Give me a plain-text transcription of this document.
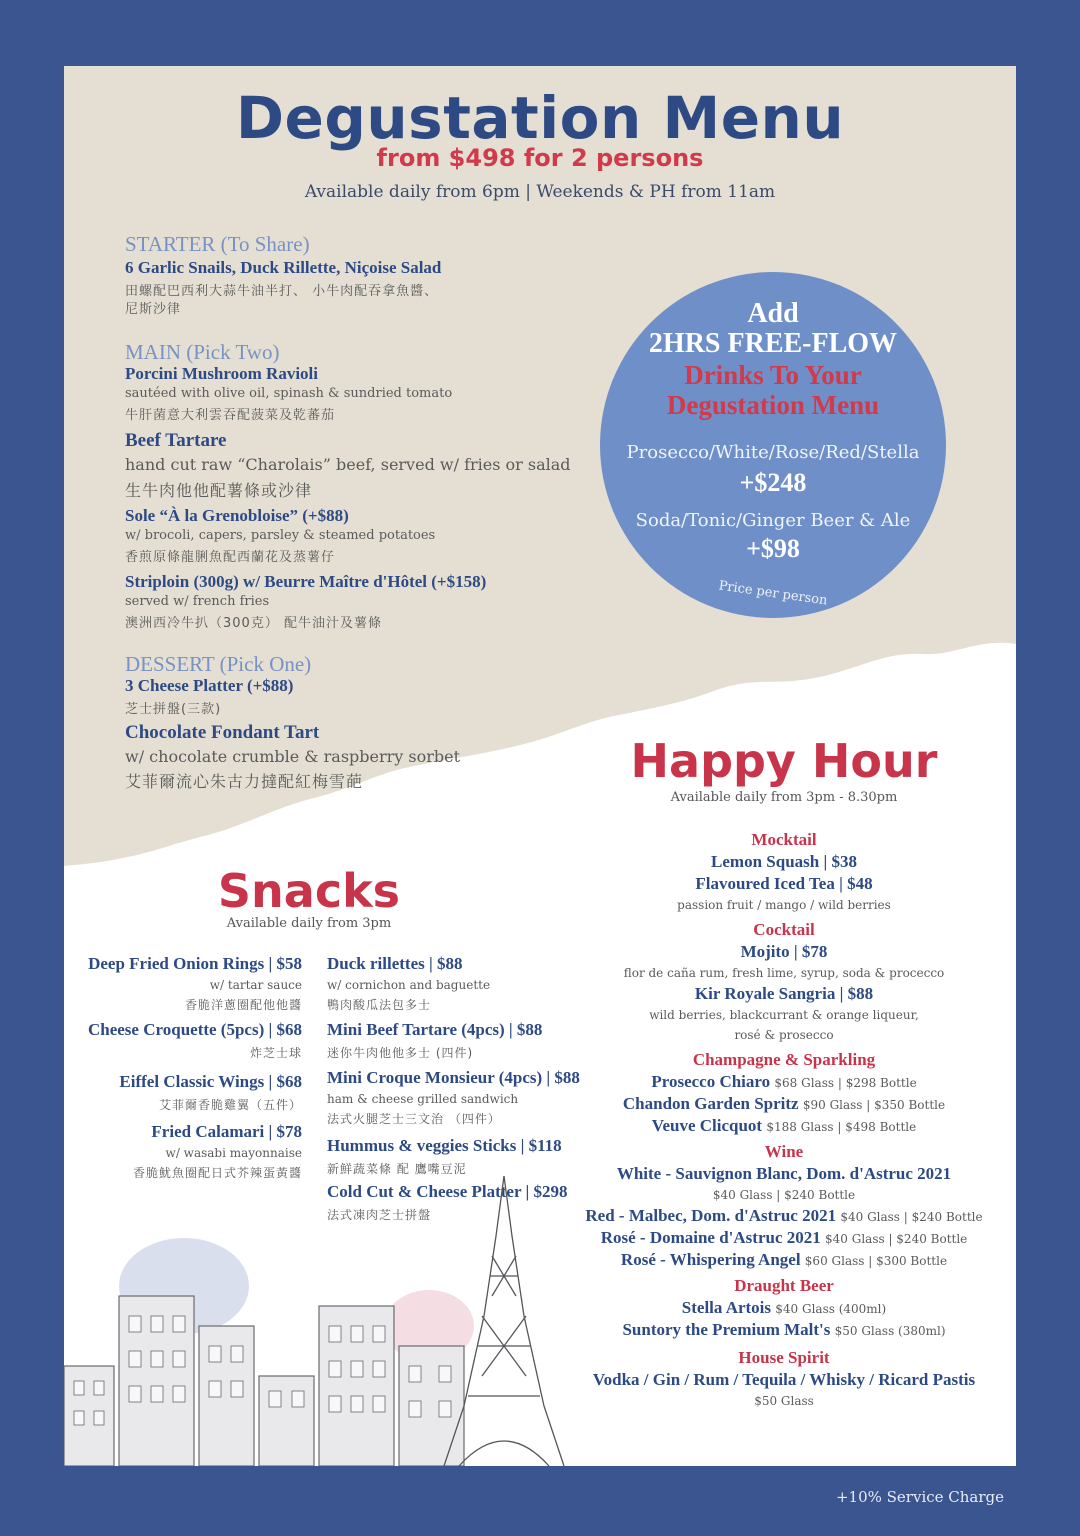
Degustation Menu
from $498 for 2 persons
Available daily from 6pm | Weekends & PH from 11am
STARTER (To Share)
6 Garlic Snails, Duck Rillette, Niçoise Salad
田螺配巴西利大蒜牛油半打、 小牛肉配吞拿魚醬、
尼斯沙律
MAIN (Pick Two)
Porcini Mushroom Ravioli
sautéed with olive oil, spinash & sundried tomato
牛肝菌意大利雲吞配菠菜及乾蕃茄
Beef Tartare
hand cut raw “Charolais” beef, served w/ fries or salad
生牛肉他他配薯條或沙律
Sole “À la Grenobloise” (+$88)
w/ brocoli, capers, parsley & steamed potatoes
香煎原條龍脷魚配西蘭花及蒸薯仔
Striploin (300g) w/ Beurre Maître d'Hôtel (+$158)
served w/ french fries
澳洲西冷牛扒（300克） 配牛油汁及薯條
DESSERT (Pick One)
3 Cheese Platter (+$88)
芝士拼盤(三款)
Chocolate Fondant Tart
w/ chocolate crumble & raspberry sorbet
艾菲爾流心朱古力撻配紅梅雪葩
Add
2HRS FREE-FLOW
Drinks To Your
Degustation Menu
Prosecco/White/Rose/Red/Stella
+$248
Soda/Tonic/Ginger Beer & Ale
+$98
Price per person
Happy Hour
Available daily from 3pm - 8.30pm
Mocktail
Lemon Squash | $38
Flavoured Iced Tea | $48
passion fruit / mango / wild berries
Cocktail
Mojito | $78
flor de caña rum, fresh lime, syrup, soda & procecco
Kir Royale Sangria | $88
wild berries, blackcurrant & orange liqueur,
rosé & prosecco
Champagne & Sparkling
Prosecco Chiaro $68 Glass | $298 Bottle
Chandon Garden Spritz $90 Glass | $350 Bottle
Veuve Clicquot $188 Glass | $498 Bottle
Wine
White - Sauvignon Blanc, Dom. d'Astruc 2021
$40 Glass | $240 Bottle
Red - Malbec, Dom. d'Astruc 2021 $40 Glass | $240 Bottle
Rosé - Domaine d'Astruc 2021 $40 Glass | $240 Bottle
Rosé - Whispering Angel $60 Glass | $300 Bottle
Draught Beer
Stella Artois $40 Glass (400ml)
Suntory the Premium Malt's $50 Glass (380ml)
House Spirit
Vodka / Gin / Rum / Tequila / Whisky / Ricard Pastis
$50 Glass
Snacks
Available daily from 3pm
Deep Fried Onion Rings | $58
w/ tartar sauce
香脆洋蔥圈配他他醬
Cheese Croquette (5pcs) | $68
炸芝士球
Eiffel Classic Wings | $68
艾菲爾香脆雞翼（五件）
Fried Calamari | $78
w/ wasabi mayonnaise
香脆魷魚圈配日式芥辣蛋黃醬
Duck rillettes | $88
w/ cornichon and baguette
鴨肉酸瓜法包多士
Mini Beef Tartare (4pcs) | $88
迷你牛肉他他多士 (四件)
Mini Croque Monsieur (4pcs) | $88
ham & cheese grilled sandwich
法式火腿芝士三文治 （四件）
Hummus & veggies Sticks | $118
新鮮蔬菜條 配 鷹嘴豆泥
Cold Cut & Cheese Platter | $298
法式凍肉芝士拼盤
+10% Service Charge
